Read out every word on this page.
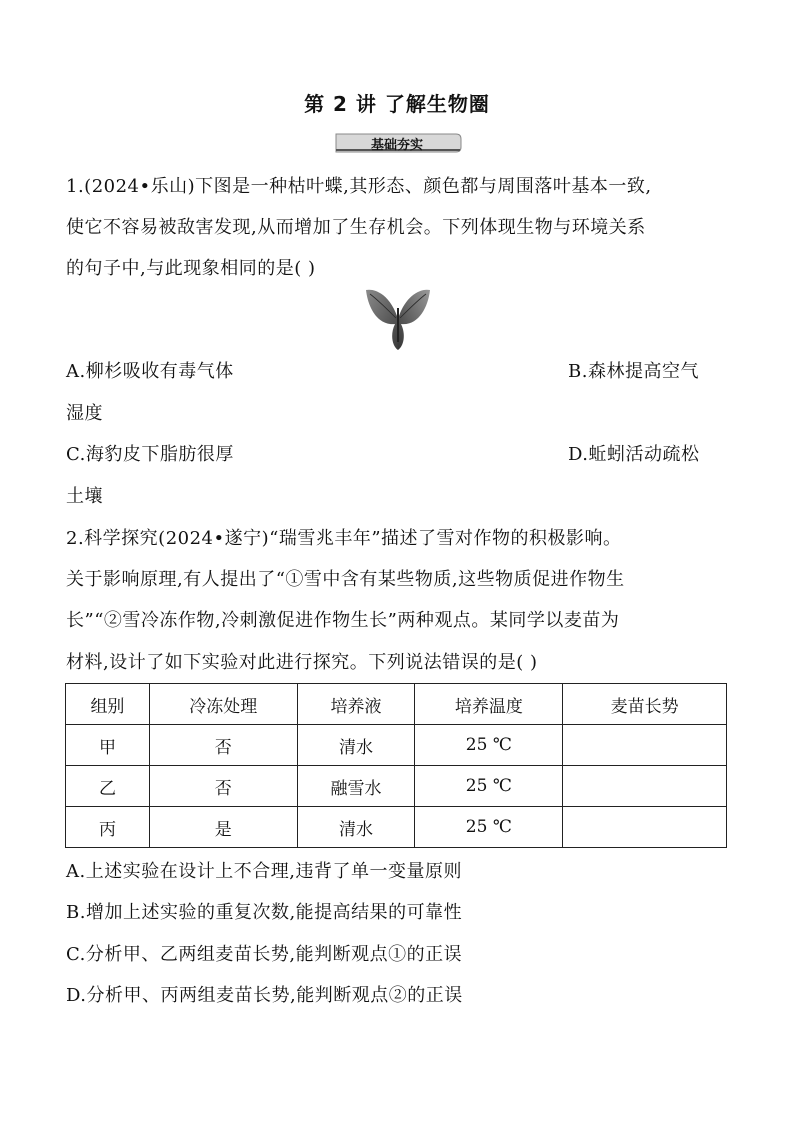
第 2 讲 了解生物圈
基础夯实
1.(2024•乐山)下图是一种枯叶蝶,其形态、颜色都与周围落叶基本一致,
使它不容易被敌害发现,从而增加了生存机会。下列体现生物与环境关系
的句子中,与此现象相同的是( )
A.柳杉吸收有毒气体	B.森林提高空气
湿度
C.海豹皮下脂肪很厚	D.蚯蚓活动疏松
土壤
2.科学探究(2024•遂宁)“瑞雪兆丰年”描述了雪对作物的积极影响。
关于影响原理,有人提出了“①雪中含有某些物质,这些物质促进作物生
长”“②雪冷冻作物,冷刺激促进作物生长”两种观点。某同学以麦苗为
材料,设计了如下实验对此进行探究。下列说法错误的是( )
组别	冷冻处理	培养液	培养温度	麦苗长势
甲	否	清水	25 ℃	
乙	否	融雪水	25 ℃	
丙	是	清水	25 ℃	
A.上述实验在设计上不合理,违背了单一变量原则
B.增加上述实验的重复次数,能提高结果的可靠性
C.分析甲、乙两组麦苗长势,能判断观点①的正误
D.分析甲、丙两组麦苗长势,能判断观点②的正误
